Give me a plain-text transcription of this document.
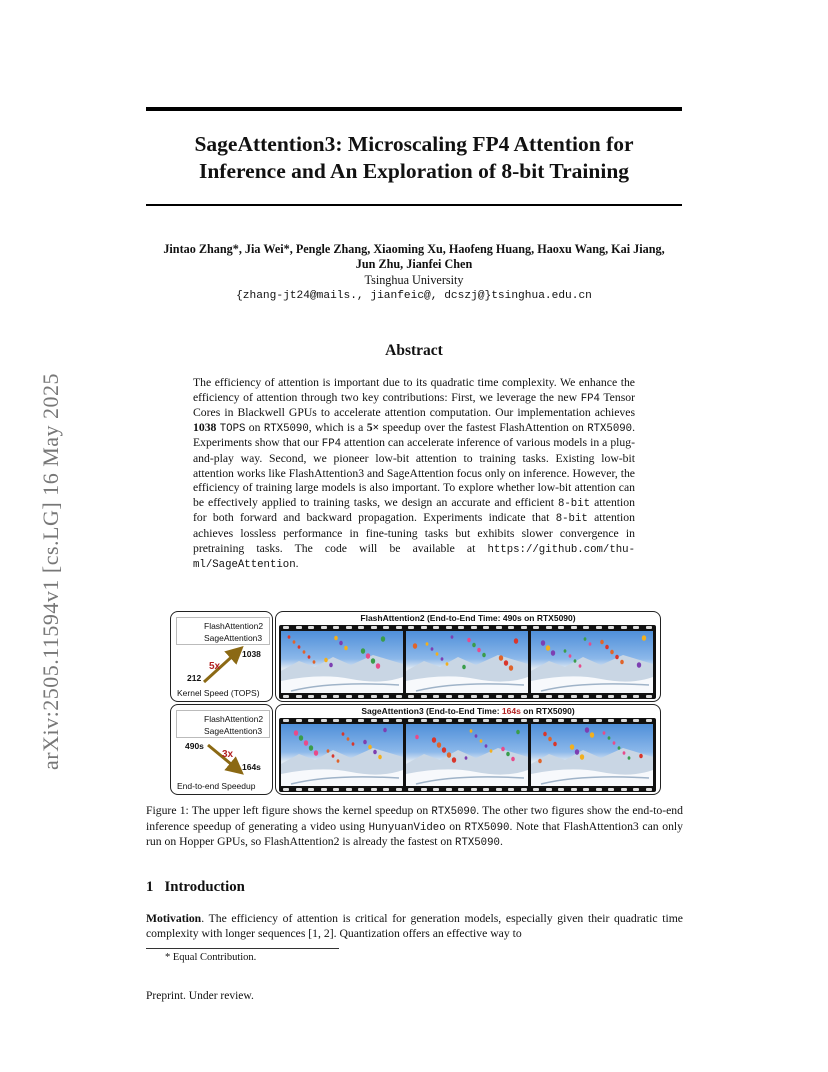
arXiv:2505.11594v1 [cs.LG] 16 May 2025
SageAttention3: Microscaling FP4 Attention for
Inference and An Exploration of 8-bit Training
Jintao Zhang*, Jia Wei*, Pengle Zhang, Xiaoming Xu, Haofeng Huang, Haoxu Wang, Kai Jiang,
Jun Zhu, Jianfei Chen
Tsinghua University
{zhang-jt24@mails., jianfeic@, dcszj@}tsinghua.edu.cn
Abstract
The efficiency of attention is important due to its quadratic time complexity. We enhance the efficiency of attention through two key contributions: First, we leverage the new FP4 Tensor Cores in Blackwell GPUs to accelerate attention computation. Our implementation achieves 1038 TOPS on RTX5090, which is a 5× speedup over the fastest FlashAttention on RTX5090. Experiments show that our FP4 attention can accelerate inference of various models in a plug-and-play way. Second, we pioneer low-bit attention to training tasks. Existing low-bit attention works like FlashAttention3 and SageAttention focus only on inference. However, the efficiency of training large models is also important. To explore whether low-bit attention can be effectively applied to training tasks, we design an accurate and efficient 8-bit attention for both forward and backward propagation. Experiments indicate that 8-bit attention achieves lossless performance in fine-tuning tasks but exhibits slower convergence in pretraining tasks. The code will be available at https://github.com/thu-ml/SageAttention.
FlashAttention2
SageAttention3
1038
5x
212
Kernel Speed (TOPS)
FlashAttention2
SageAttention3
490s
3x
164s
End-to-end Speedup
FlashAttention2 (End-to-End Time: 490s on RTX5090)
SageAttention3 (End-to-End Time: 164s on RTX5090)
Figure 1: The upper left figure shows the kernel speedup on RTX5090. The other two figures show the end-to-end inference speedup of generating a video using HunyuanVideo on RTX5090. Note that FlashAttention3 can only run on Hopper GPUs, so FlashAttention2 is already the fastest on RTX5090.
1 Introduction
Motivation. The efficiency of attention is critical for generation models, especially given their quadratic time complexity with longer sequences [1, 2]. Quantization offers an effective way to
* Equal Contribution.
Preprint. Under review.
